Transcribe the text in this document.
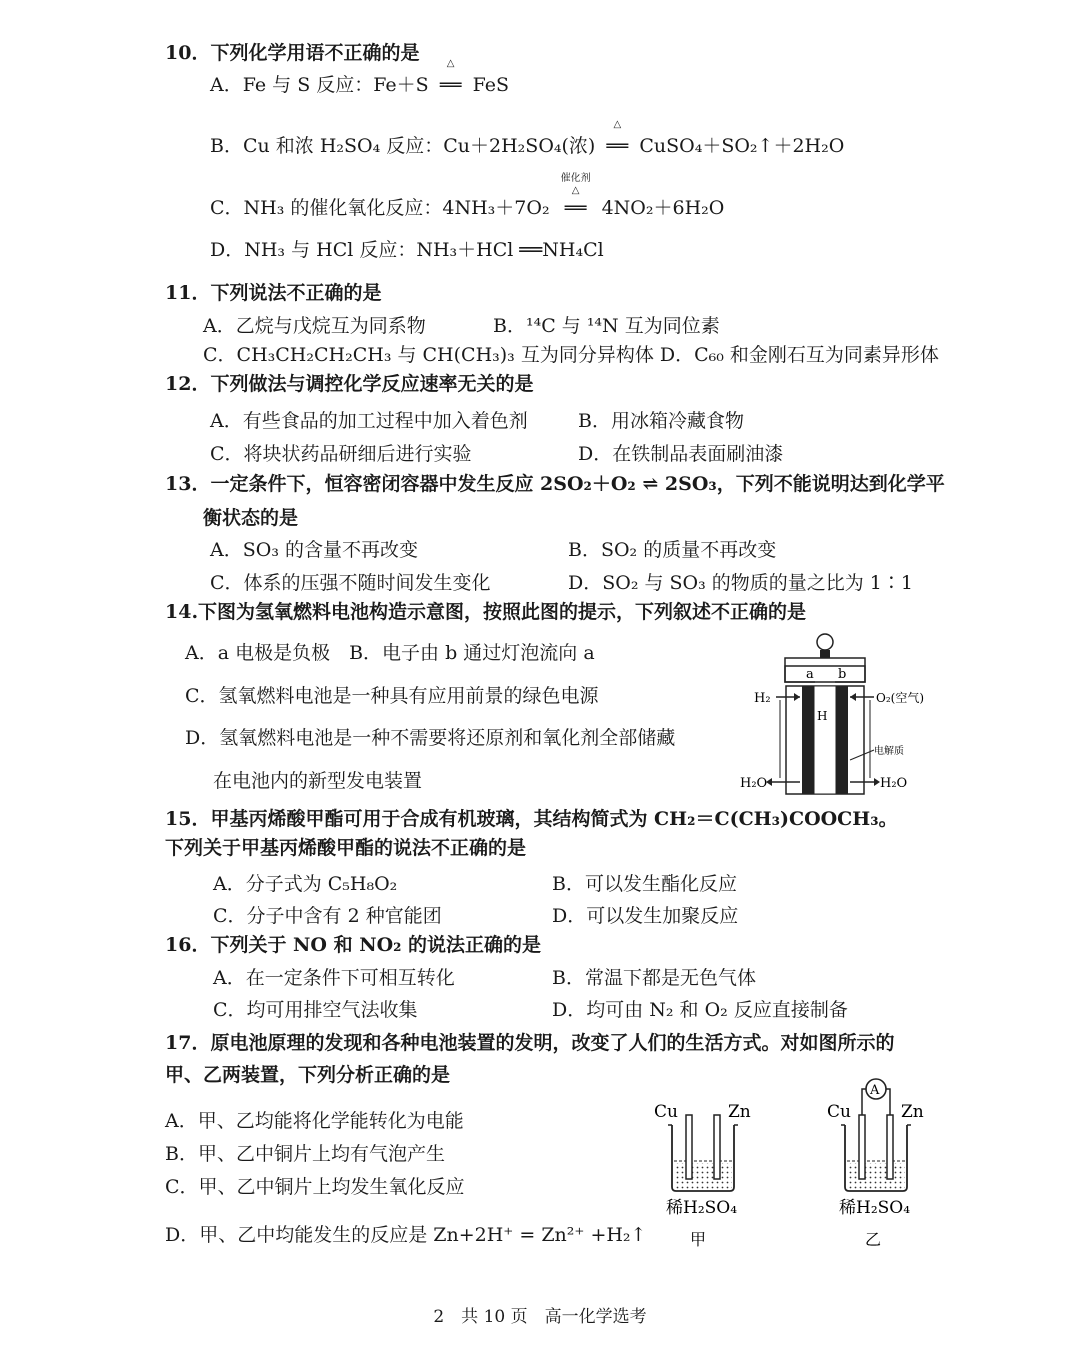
10．下列化学用语不正确的是
A．Fe 与 S 反应：Fe＋S
△
══ FeS
B．Cu 和浓 H₂SO₄ 反应：Cu＋2H₂SO₄(浓)
△
══ CuSO₄＋SO₂↑＋2H₂O
C．NH₃ 的催化氧化反应：4NH₃＋7O₂
催化剂
△
══ 4NO₂＋6H₂O
D．NH₃ 与 HCl 反应：NH₃＋HCl ══NH₄Cl
11．下列说法不正确的是
A．乙烷与戊烷互为同系物	B．¹⁴C 与 ¹⁴N 互为同位素
C．CH₃CH₂CH₂CH₃ 与 CH(CH₃)₃ 互为同分异构体 D．C₆₀ 和金刚石互为同素异形体
12．下列做法与调控化学反应速率无关的是
A．有些食品的加工过程中加入着色剂	B．用冰箱冷藏食物
C．将块状药品研细后进行实验	D．在铁制品表面刷油漆
13．一定条件下，恒容密闭容器中发生反应 2SO₂＋O₂ ⇌ 2SO₃，下列不能说明达到化学平
衡状态的是
A．SO₃ 的含量不再改变	B．SO₂ 的质量不再改变
C．体系的压强不随时间发生变化	D．SO₂ 与 SO₃ 的物质的量之比为 1∶1
14.下图为氢氧燃料电池构造示意图，按照此图的提示，下列叙述不正确的是
A．a 电极是负极　B．电子由 b 通过灯泡流向 a
C．氢氧燃料电池是一种具有应用前景的绿色电源
D．氢氧燃料电池是一种不需要将还原剂和氧化剂全部储藏
在电池内的新型发电装置
a b
H
H₂	O₂(空气)
电解质
H₂O	H₂O
15．甲基丙烯酸甲酯可用于合成有机玻璃，其结构简式为 CH₂＝C(CH₃)COOCH₃。
下列关于甲基丙烯酸甲酯的说法不正确的是
A．分子式为 C₅H₈O₂	B．可以发生酯化反应
C．分子中含有 2 种官能团	D．可以发生加聚反应
16．下列关于 NO 和 NO₂ 的说法正确的是
A．在一定条件下可相互转化	B．常温下都是无色气体
C．均可用排空气法收集	D．均可由 N₂ 和 O₂ 反应直接制备
17．原电池原理的发现和各种电池装置的发明，改变了人们的生活方式。对如图所示的
甲、乙两装置，下列分析正确的是
A．甲、乙均能将化学能转化为电能
B．甲、乙中铜片上均有气泡产生
C．甲、乙中铜片上均发生氧化反应
D．甲、乙中均能发生的反应是 Zn+2H⁺ = Zn²⁺ +H₂↑
Cu	Zn
稀H₂SO₄
甲
A
Cu	Zn
稀H₂SO₄
乙
2　共 10 页　高一化学选考
